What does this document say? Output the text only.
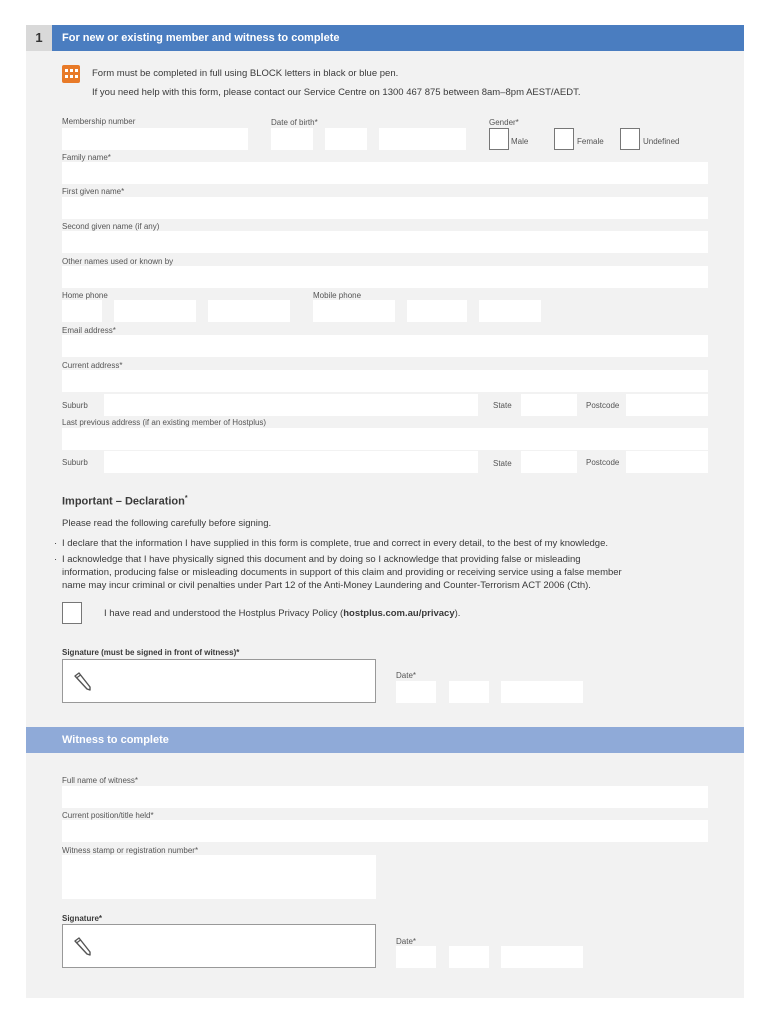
1	For new or existing member and witness to complete
Form must be completed in full using BLOCK letters in black or blue pen.
If you need help with this form, please contact our Service Centre on 1300 467 875 between 8am–8pm AEST/AEDT.
Membership number	Date of birth*	Gender*
Male	Female	Undefined
Family name*
First given name*
Second given name (if any)
Other names used or known by
Home phone	Mobile phone
Email address*
Current address*
Suburb	State	Postcode
Last previous address (if an existing member of Hostplus)
Suburb	State	Postcode
Important – Declaration*
Please read the following carefully before signing.
· I declare that the information I have supplied in this form is complete, true and correct in every detail, to the best of my knowledge.
· I acknowledge that I have physically signed this document and by doing so I acknowledge that providing false or misleading
information, producing false or misleading documents in support of this claim and providing or receiving service using a false member
name may incur criminal or civil penalties under Part 12 of the Anti-Money Laundering and Counter-Terrorism ACT 2006 (Cth).
I have read and understood the Hostplus Privacy Policy (hostplus.com.au/privacy).
Signature (must be signed in front of witness)*
Date*
Witness to complete
Full name of witness*
Current position/title held*
Witness stamp or registration number*
Signature*
Date*
